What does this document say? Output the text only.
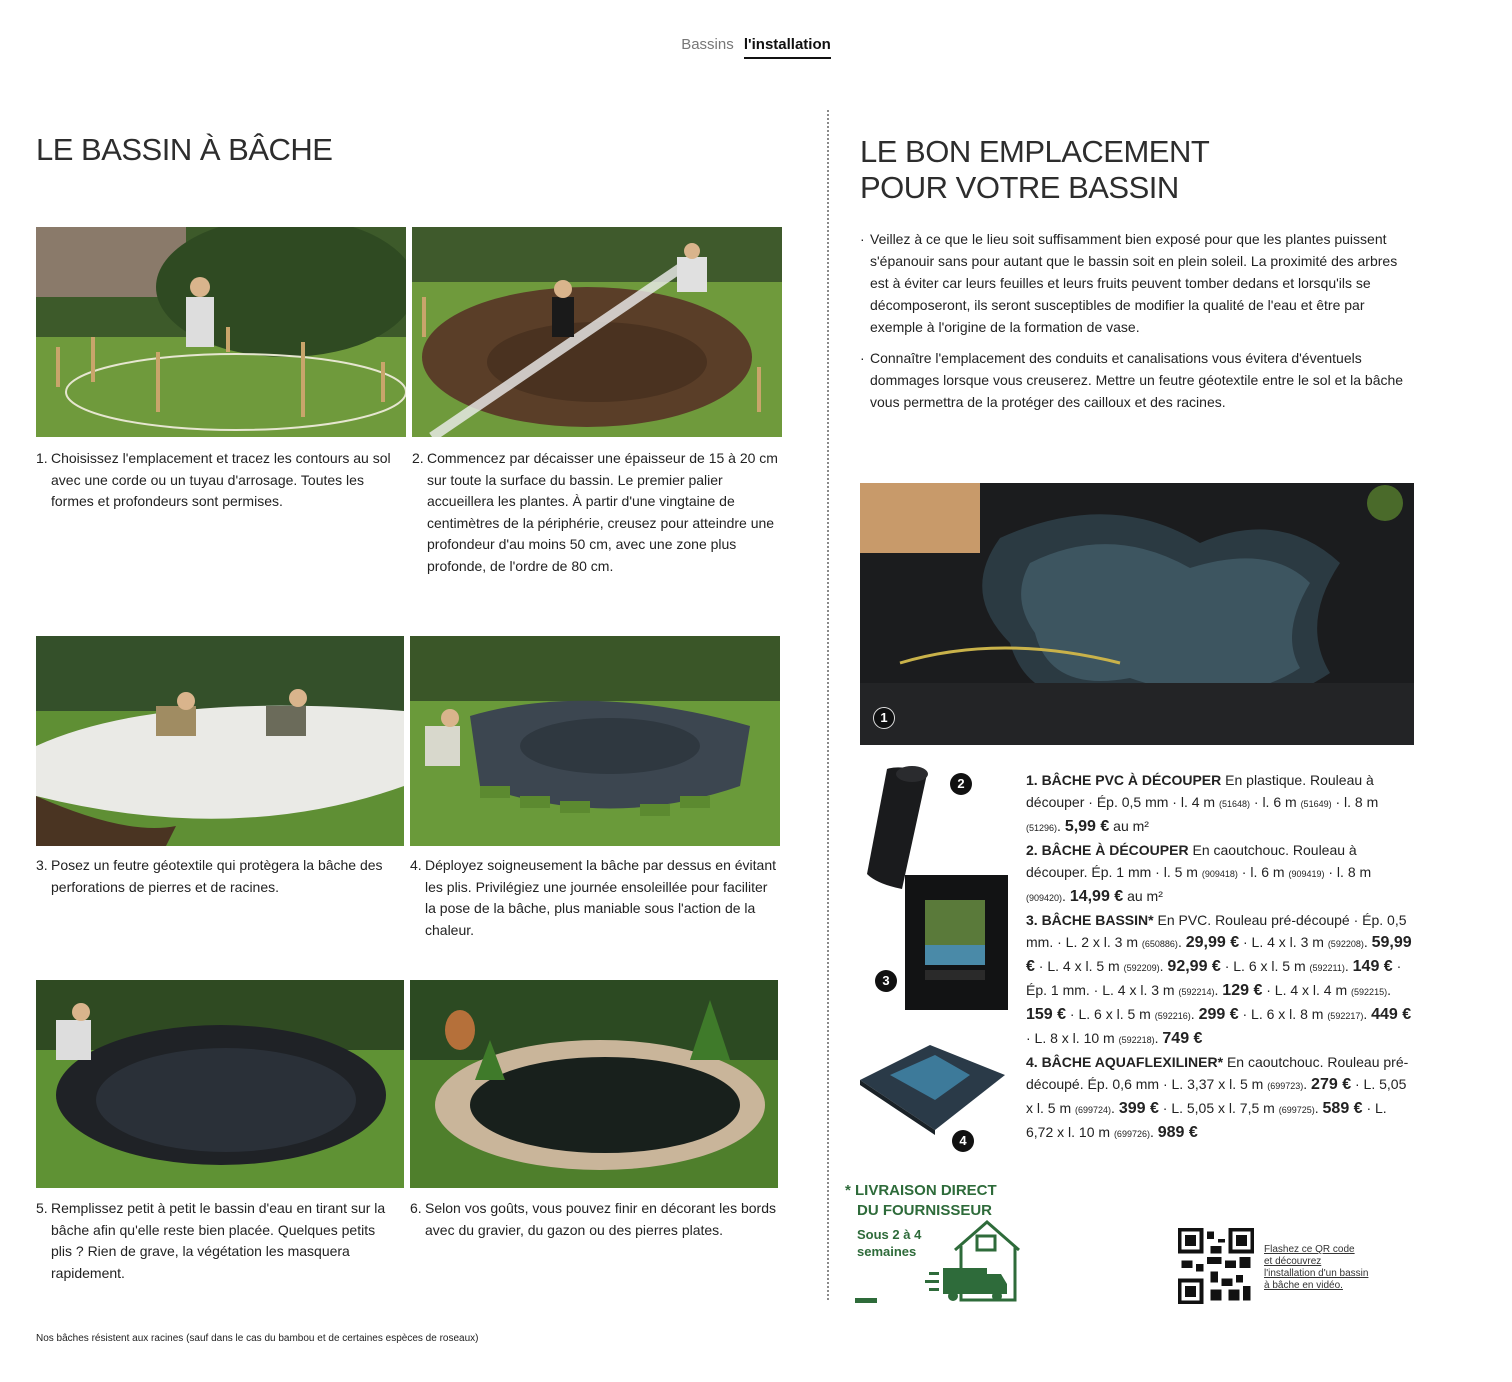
Bassins l'installation
LE BASSIN À BÂCHE
1. Choisissez l'emplacement et tracez les contours au sol avec une corde ou un tuyau d'arrosage. Toutes les formes et profondeurs sont permises.
2. Commencez par décaisser une épaisseur de 15 à 20 cm sur toute la surface du bassin. Le premier palier accueillera les plantes. À partir d'une vingtaine de centimètres de la périphérie, creusez pour atteindre une profondeur d'au moins 50 cm, avec une zone plus profonde, de l'ordre de 80 cm.
3. Posez un feutre géotextile qui protègera la bâche des perforations de pierres et de racines.
4. Déployez soigneusement la bâche par dessus en évitant les plis. Privilégiez une journée ensoleillée pour faciliter la pose de la bâche, plus maniable sous l'action de la chaleur.
5. Remplissez petit à petit le bassin d'eau en tirant sur la bâche afin qu'elle reste bien placée. Quelques petits plis ? Rien de grave, la végétation les masquera rapidement.
6. Selon vos goûts, vous pouvez finir en décorant les bords avec du gravier, du gazon ou des pierres plates.
Nos bâches résistent aux racines (sauf dans le cas du bambou et de certaines espèces de roseaux)
LE BON EMPLACEMENT
POUR VOTRE BASSIN
· Veillez à ce que le lieu soit suffisamment bien exposé pour que les plantes puissent s'épanouir sans pour autant que le bassin soit en plein soleil. La proximité des arbres est à éviter car leurs feuilles et leurs fruits peuvent tomber dedans et lorsqu'ils se décomposeront, ils seront susceptibles de modifier la qualité de l'eau et être par exemple à l'origine de la formation de vase.
· Connaître l'emplacement des conduits et canalisations vous évitera d'éventuels dommages lorsque vous creuserez. Mettre un feutre géotextile entre le sol et la bâche vous permettra de la protéger des cailloux et des racines.
1
2
3
4

1. BÂCHE PVC À DÉCOUPER En plastique. Rouleau à découper · Ép. 0,5 mm · l. 4 m (51648) · l. 6 m (51649) · l. 8 m (51296). 5,99 € au m²

2. BÂCHE À DÉCOUPER En caoutchouc. Rouleau à découper. Ép. 1 mm · l. 5 m (909418) · l. 6 m (909419) · l. 8 m (909420). 14,99 € au m²

3. BÂCHE BASSIN* En PVC. Rouleau pré-découpé · Ép. 0,5 mm. · L. 2 x l. 3 m (650886). 29,99 € · L. 4 x l. 3 m (592208). 59,99 € · L. 4 x l. 5 m (592209). 92,99 € · L. 6 x l. 5 m (592211). 149 € · Ép. 1 mm. · L. 4 x l. 3 m (592214). 129 € · L. 4 x l. 4 m (592215). 159 € · L. 6 x l. 5 m (592216). 299 € · L. 6 x l. 8 m (592217). 449 € · L. 8 x l. 10 m (592218). 749 €

4. BÂCHE AQUAFLEXILINER* En caoutchouc. Rouleau pré-découpé. Ép. 0,6 mm · L. 3,37 x l. 5 m (699723). 279 € · L. 5,05 x l. 5 m (699724). 399 € · L. 5,05 x l. 7,5 m (699725). 589 € · L. 6,72 x l. 10 m (699726). 989 €

* LIVRAISON DIRECT
DU FOURNISSEUR
Sous 2 à 4
semaines	Flashez ce QR code
et découvrez
l'installation d'un bassin
à bâche en vidéo.
